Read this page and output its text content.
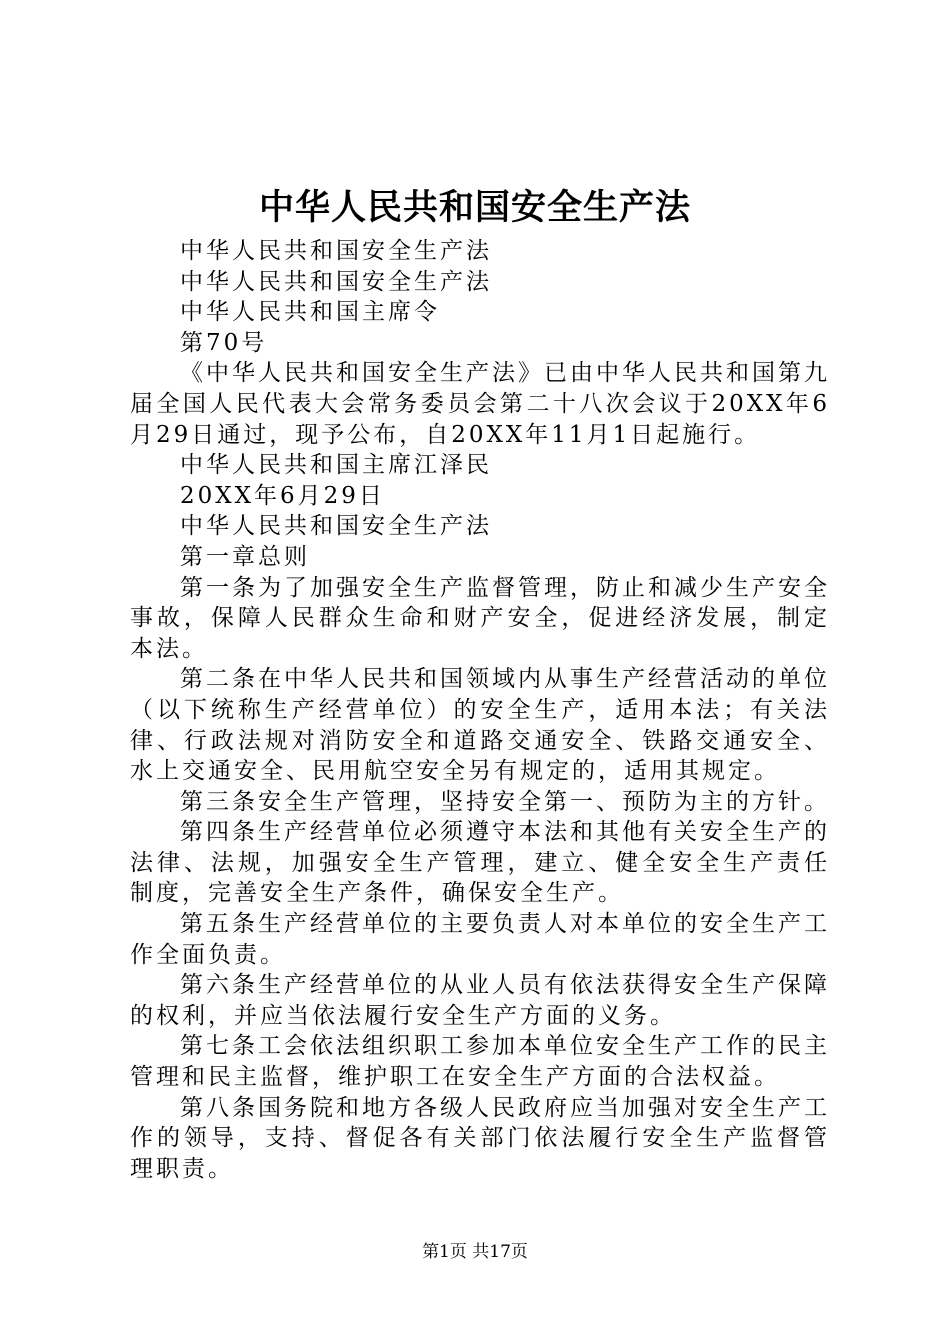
中华人民共和国安全生产法

中华人民共和国安全生产法

中华人民共和国安全生产法

中华人民共和国主席令

第70号

《中华人民共和国安全生产法》已由中华人民共和国第九届全国人民代表大会常务委员会第二十八次会议于20XX年6月29日通过，现予公布，自20XX年11月1日起施行。

中华人民共和国主席江泽民

20XX年6月29日

中华人民共和国安全生产法

第一章总则

第一条为了加强安全生产监督管理，防止和减少生产安全事故，保障人民群众生命和财产安全，促进经济发展，制定本法。

第二条在中华人民共和国领域内从事生产经营活动的单位（以下统称生产经营单位）的安全生产，适用本法；有关法律、行政法规对消防安全和道路交通安全、铁路交通安全、水上交通安全、民用航空安全另有规定的，适用其规定。

第三条安全生产管理，坚持安全第一、预防为主的方针。

第四条生产经营单位必须遵守本法和其他有关安全生产的法律、法规，加强安全生产管理，建立、健全安全生产责任制度，完善安全生产条件，确保安全生产。

第五条生产经营单位的主要负责人对本单位的安全生产工作全面负责。

第六条生产经营单位的从业人员有依法获得安全生产保障的权利，并应当依法履行安全生产方面的义务。

第七条工会依法组织职工参加本单位安全生产工作的民主管理和民主监督，维护职工在安全生产方面的合法权益。

第八条国务院和地方各级人民政府应当加强对安全生产工作的领导，支持、督促各有关部门依法履行安全生产监督管理职责。

第1页 共17页
